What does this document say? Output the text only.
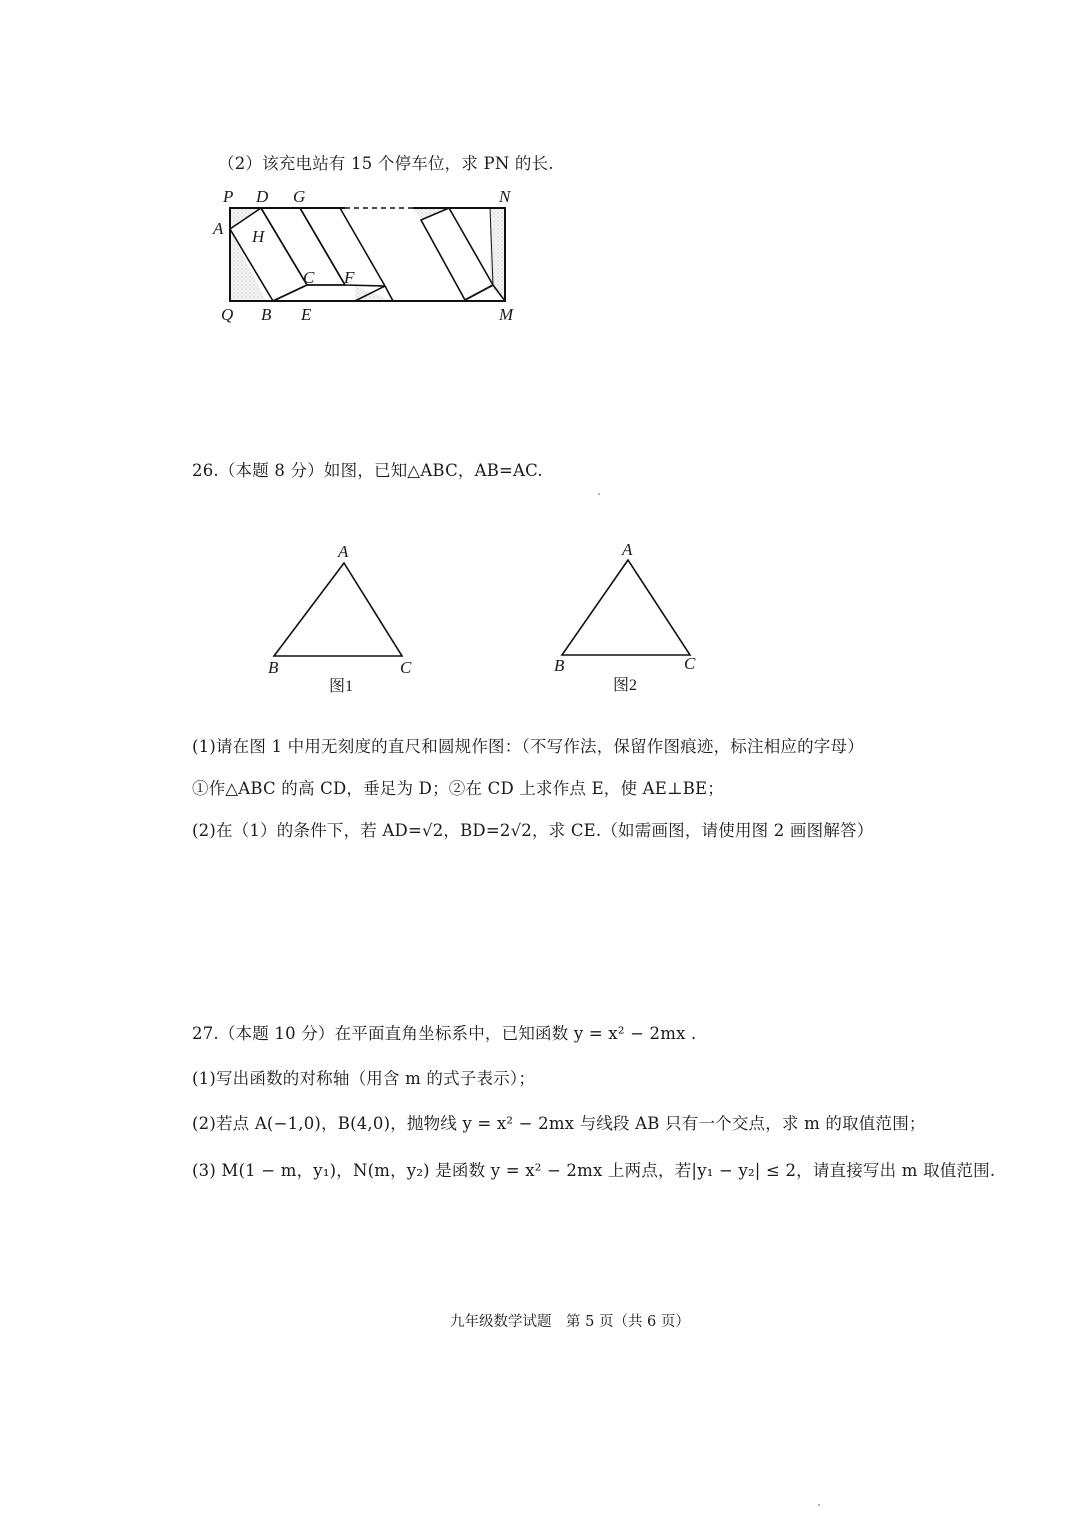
（2）该充电站有 15 个停车位，求 PN 的长.
P D G	N
A H
C F
Q B E	M
26.（本题 8 分）如图，已知△ABC，AB=AC.
A
B	C
图1
A
B	C
图2
(1)请在图 1 中用无刻度的直尺和圆规作图：（不写作法，保留作图痕迹，标注相应的字母）
①作△ABC 的高 CD，垂足为 D；②在 CD 上求作点 E，使 AE⊥BE；
(2)在（1）的条件下，若 AD=√2，BD=2√2，求 CE.（如需画图，请使用图 2 画图解答）
27.（本题 10 分）在平面直角坐标系中，已知函数 y = x² − 2mx .
(1)写出函数的对称轴（用含 m 的式子表示）；
(2)若点 A(−1,0)，B(4,0)，抛物线 y = x² − 2mx 与线段 AB 只有一个交点，求 m 的取值范围；
(3) M(1 − m，y₁)，N(m，y₂) 是函数 y = x² − 2mx 上两点，若|y₁ − y₂| ≤ 2，请直接写出 m 取值范围.
九年级数学试题　第 5 页（共 6 页）
